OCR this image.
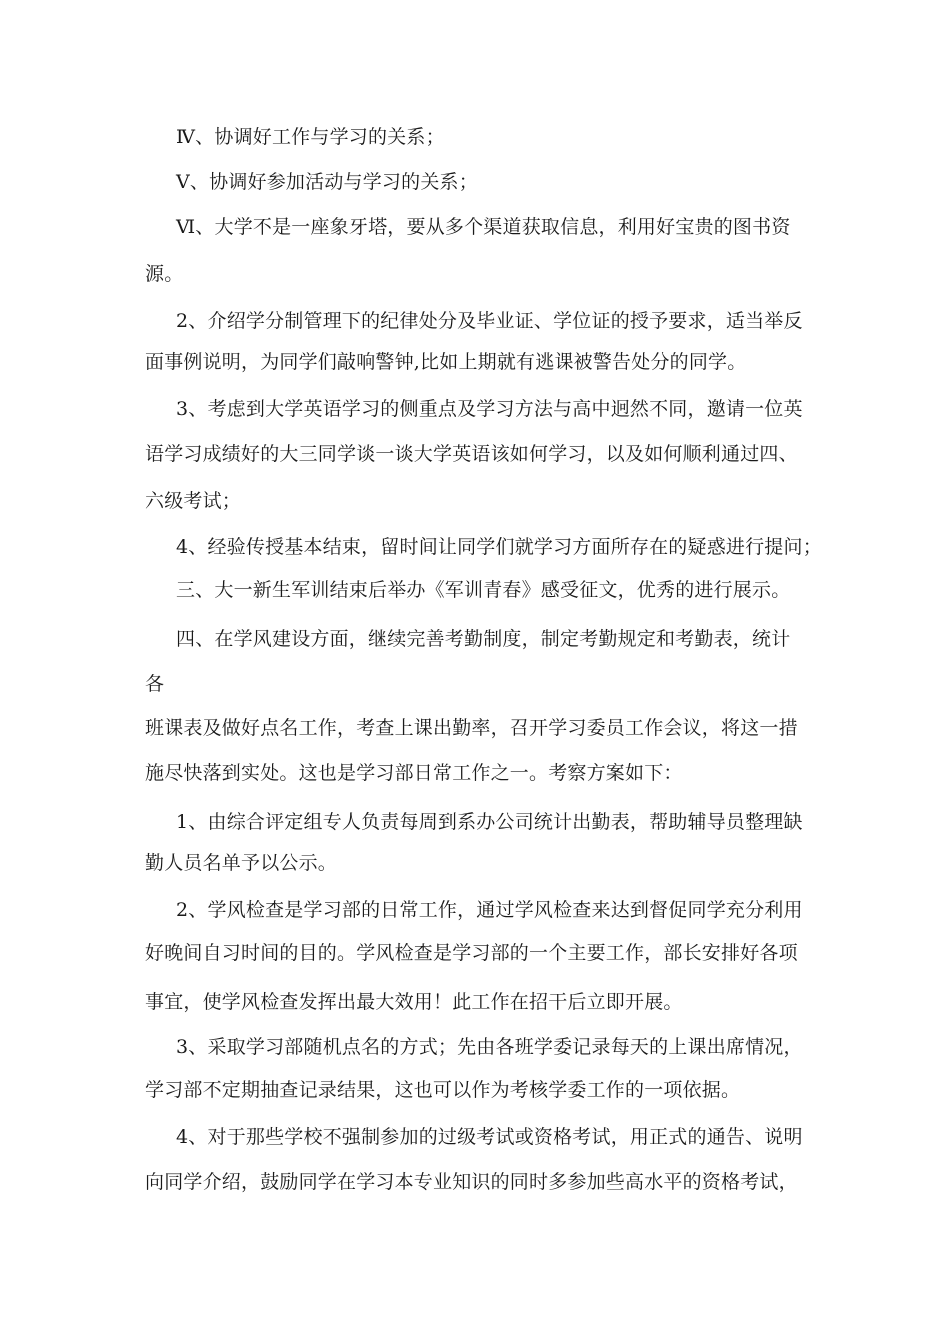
Ⅳ、协调好工作与学习的关系；
Ⅴ、协调好参加活动与学习的关系；
Ⅵ、大学不是一座象牙塔，要从多个渠道获取信息，利用好宝贵的图书资
源。
2、介绍学分制管理下的纪律处分及毕业证、学位证的授予要求，适当举反
面事例说明，为同学们敲响警钟,比如上期就有逃课被警告处分的同学。
3、考虑到大学英语学习的侧重点及学习方法与高中迥然不同，邀请一位英
语学习成绩好的大三同学谈一谈大学英语该如何学习，以及如何顺利通过四、
六级考试；
4、经验传授基本结束，留时间让同学们就学习方面所存在的疑惑进行提问；
三、大一新生军训结束后举办《军训青春》感受征文，优秀的进行展示。
四、在学风建设方面，继续完善考勤制度，制定考勤规定和考勤表，统计
各
班课表及做好点名工作，考查上课出勤率，召开学习委员工作会议，将这一措
施尽快落到实处。这也是学习部日常工作之一。考察方案如下：
1、由综合评定组专人负责每周到系办公司统计出勤表，帮助辅导员整理缺
勤人员名单予以公示。
2、学风检查是学习部的日常工作，通过学风检查来达到督促同学充分利用
好晚间自习时间的目的。学风检查是学习部的一个主要工作，部长安排好各项
事宜，使学风检查发挥出最大效用！此工作在招干后立即开展。
3、采取学习部随机点名的方式；先由各班学委记录每天的上课出席情况，
学习部不定期抽查记录结果，这也可以作为考核学委工作的一项依据。
4、对于那些学校不强制参加的过级考试或资格考试，用正式的通告、说明
向同学介绍，鼓励同学在学习本专业知识的同时多参加些高水平的资格考试，
